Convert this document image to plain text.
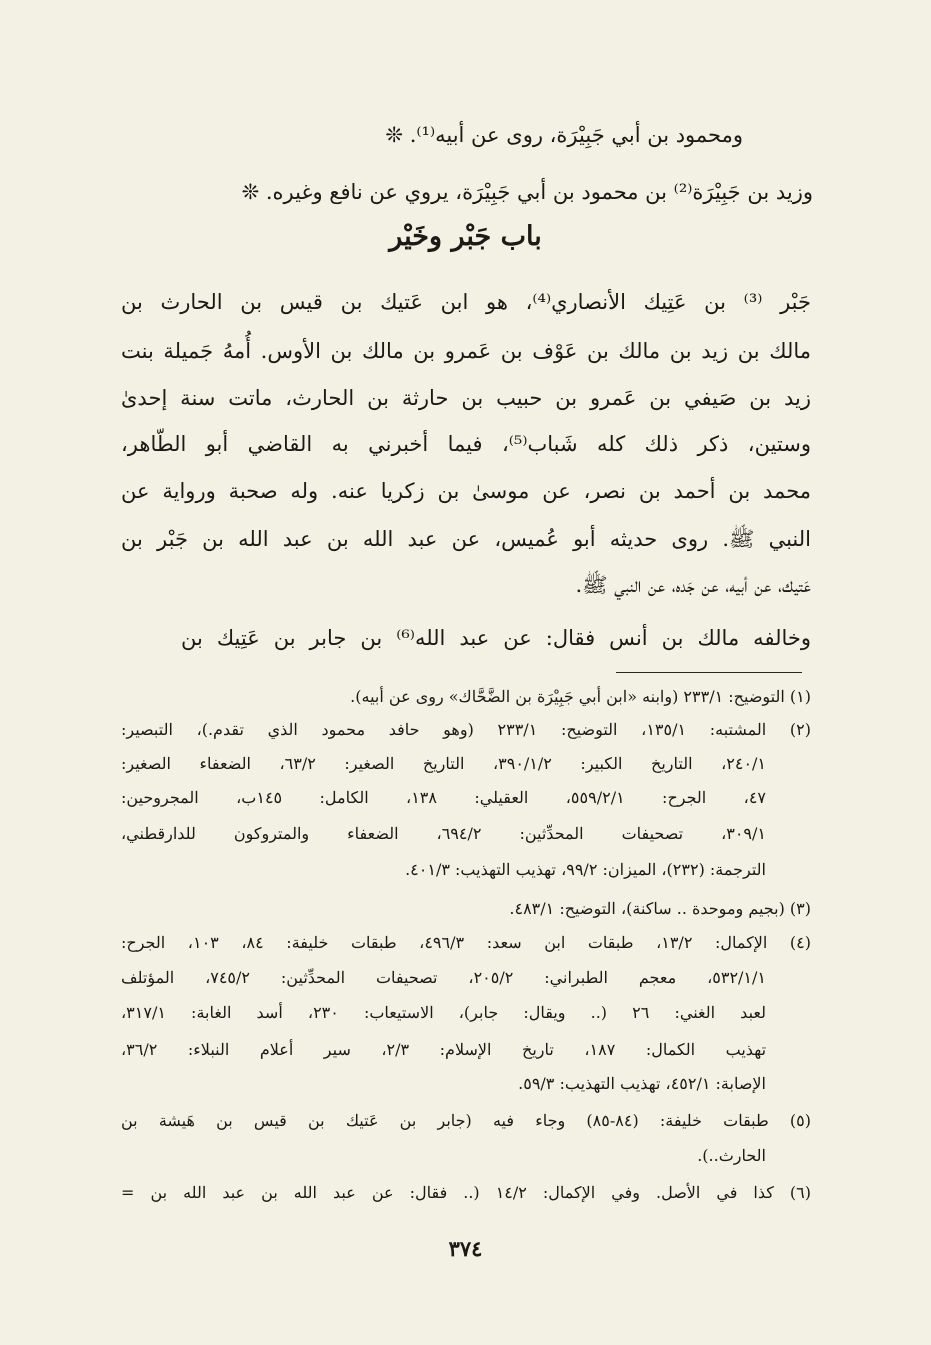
ومحمود بن أبي جَبِيْرَة، روى عن أبيه⁽¹⁾. ❊

وزيد بن جَبِيْرَة⁽²⁾ بن محمود بن أبي جَبِيْرَة، يروي عن نافع وغيره. ❊

باب جَبْر وخَيْر

جَبْر ⁽³⁾ بن عَتِيك الأنصاري⁽⁴⁾، هو ابن عَتيك بن قيس بن الحارث بن

مالك بن زيد بن مالك بن عَوْف بن عَمرو بن مالك بن الأوس. أُمهُ جَميلة بنت

زيد بن صَيفي بن عَمرو بن حبيب بن حارثة بن الحارث، ماتت سنة إحدىٰ

وستين، ذكر ذلك كله شَباب⁽⁵⁾، فيما أخبرني به القاضي أبو الطّاهر،

محمد بن أحمد بن نصر، عن موسىٰ بن زكريا عنه. وله صحبة ورواية عن

النبي ﷺ. روى حديثه أبو عُميس، عن عبد الله بن عبد الله بن جَبْر بن

عَتيك، عن أبيه، عن جَده، عن النبي ﷺ.

وخالفه مالك بن أنس فقال: عن عبد الله⁽⁶⁾ بن جابر بن عَتِيك بن

(١) التوضيح: ٢٣٣/١ (وابنه «ابن أبي جَبِيْرَة بن الضَّحَّاك» روى عن أبيه).

(٢) المشتبه: ١٣٥/١، التوضيح: ٢٣٣/١ (وهو حافد محمود الذي تقدم.)، التبصير:

٢٤٠/١، التاريخ الكبير: ٣٩٠/١/٢، التاريخ الصغير: ٦٣/٢، الضعفاء الصغير:

٤٧، الجرح: ٥٥٩/٢/١، العقيلي: ١٣٨، الكامل: ١٤٥ب، المجروحين:

٣٠٩/١، تصحيفات المحدِّثين: ٦٩٤/٢، الضعفاء والمتروكون للدارقطني،

الترجمة: (٢٣٢)، الميزان: ٩٩/٢، تهذيب التهذيب: ٤٠١/٣.

(٣) (بجيم وموحدة .. ساكنة)، التوضيح: ٤٨٣/١.

(٤) الإكمال: ١٣/٢، طبقات ابن سعد: ٤٩٦/٣، طبقات خليفة: ٨٤، ١٠٣، الجرح:

٥٣٢/١/١، معجم الطبراني: ٢٠٥/٢، تصحيفات المحدِّثين: ٧٤٥/٢، المؤتلف

لعبد الغني: ٢٦ (.. ويقال: جابر)، الاستيعاب: ٢٣٠، أسد الغابة: ٣١٧/١،

تهذيب الكمال: ١٨٧، تاريخ الإسلام: ٢/٣، سير أعلام النبلاء: ٣٦/٢،

الإصابة: ٤٥٢/١، تهذيب التهذيب: ٥٩/٣.

(٥) طبقات خليفة: (٨٤-٨٥) وجاء فيه (جابر بن عَتيك بن قيس بن هَيشة بن

الحارث..).

(٦) كذا في الأصل. وفي الإكمال: ١٤/٢ (.. فقال: عن عبد الله بن عبد الله بن =

٣٧٤
